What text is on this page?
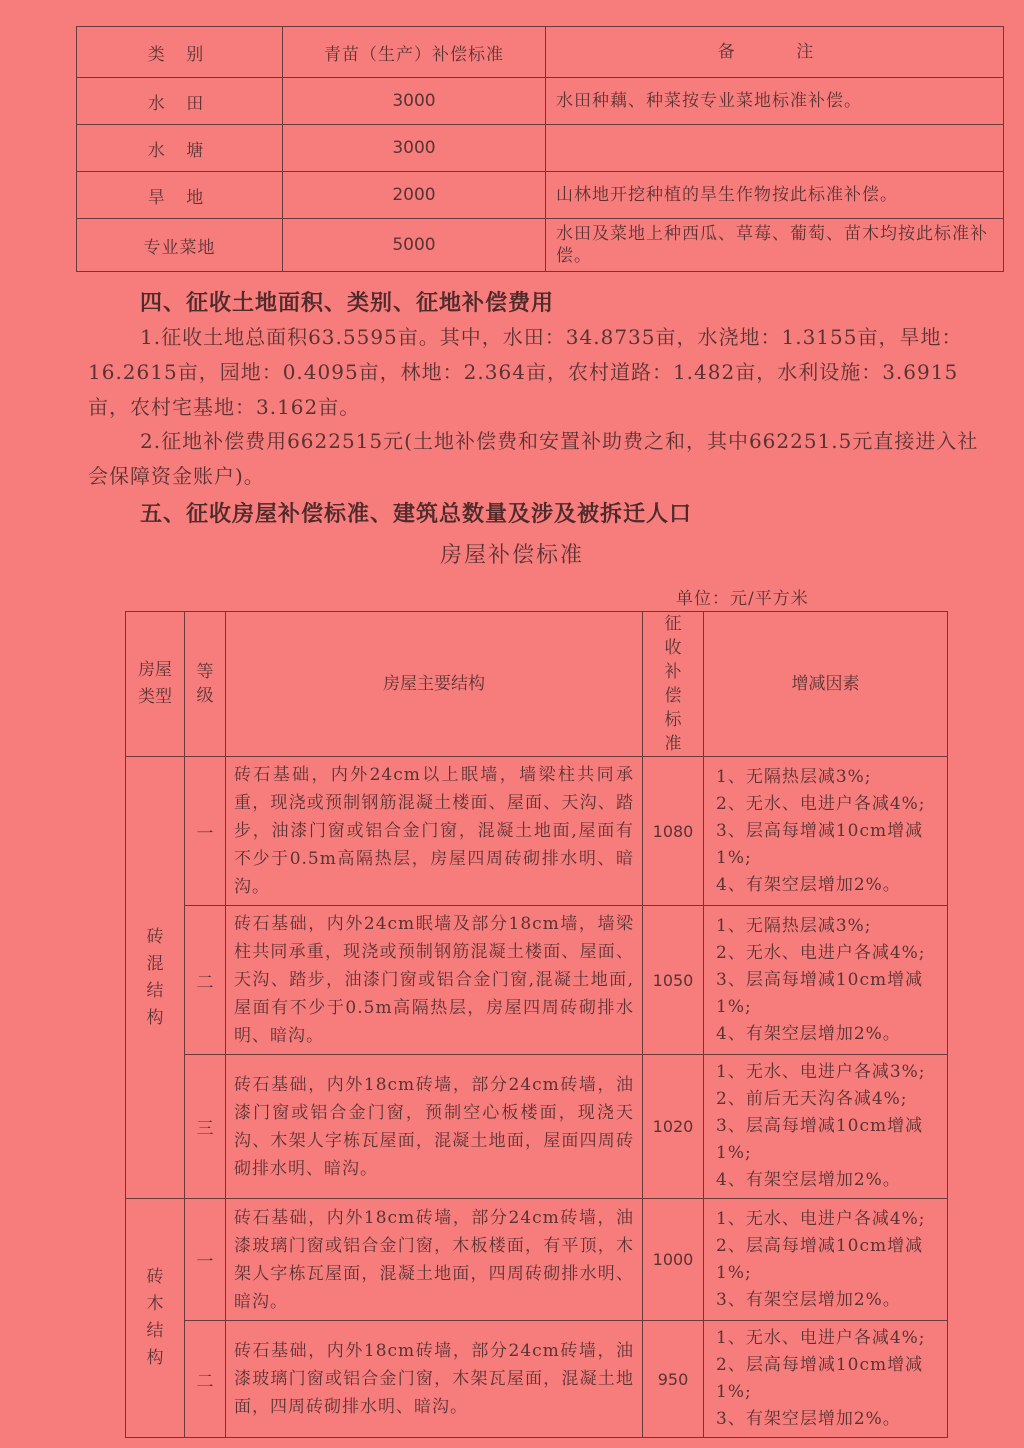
类 别	青苗（生产）补偿标准	备 注
水 田	3000	水田种藕、种菜按专业菜地标准补偿。
水 塘	3000	
旱 地	2000	山林地开挖种植的旱生作物按此标准补偿。
专业菜地	5000	水田及菜地上种西瓜、草莓、葡萄、苗木均按此标准补偿。
四、征收土地面积、类别、征地补偿费用
1.征收土地总面积63.5595亩。其中，水田：34.8735亩，水浇地：1.3155亩，旱地：16.2615亩，园地：0.4095亩，林地：2.364亩，农村道路：1.482亩，水利设施：3.6915亩，农村宅基地：3.162亩。
2.征地补偿费用6622515元(土地补偿费和安置补助费之和，其中662251.5元直接进入社会保障资金账户)。
五、征收房屋补偿标准、建筑总数量及涉及被拆迁人口
房屋补偿标准
单位：元/平方米
房屋类型	等级	房屋主要结构	征收补偿标准	增减因素
砖混结构	一	砖石基础，内外24cm以上眠墙，墙梁柱共同承重，现浇或预制钢筋混凝土楼面、屋面、天沟、踏步，油漆门窗或铝合金门窗，混凝土地面,屋面有不少于0.5m高隔热层，房屋四周砖砌排水明、暗沟。	1080	1、无隔热层减3%;
2、无水、电进户各减4%;
3、层高每增减10cm增减1%;
4、有架空层增加2%。

	二	砖石基础，内外24cm眠墙及部分18cm墙，墙梁柱共同承重，现浇或预制钢筋混凝土楼面、屋面、天沟、踏步，油漆门窗或铝合金门窗,混凝土地面,屋面有不少于0.5m高隔热层，房屋四周砖砌排水明、暗沟。	1050	1、无隔热层减3%;
2、无水、电进户各减4%;
3、层高每增减10cm增减1%;
4、有架空层增加2%。

	三	砖石基础，内外18cm砖墙，部分24cm砖墙，油漆门窗或铝合金门窗，预制空心板楼面，现浇天沟、木架人字栋瓦屋面，混凝土地面，屋面四周砖砌排水明、暗沟。	1020	1、无水、电进户各减3%;
2、前后无天沟各减4%;
3、层高每增减10cm增减1%;
4、有架空层增加2%。

砖木结构	一	砖石基础，内外18cm砖墙，部分24cm砖墙，油漆玻璃门窗或铝合金门窗，木板楼面，有平顶，木架人字栋瓦屋面，混凝土地面，四周砖砌排水明、暗沟。	1000	1、无水、电进户各减4%;
2、层高每增减10cm增减1%;
3、有架空层增加2%。

	二	砖石基础，内外18cm砖墙，部分24cm砖墙，油漆玻璃门窗或铝合金门窗，木架瓦屋面，混凝土地面，四周砖砌排水明、暗沟。	950	1、无水、电进户各减4%;
2、层高每增减10cm增减1%;
3、有架空层增加2%。
